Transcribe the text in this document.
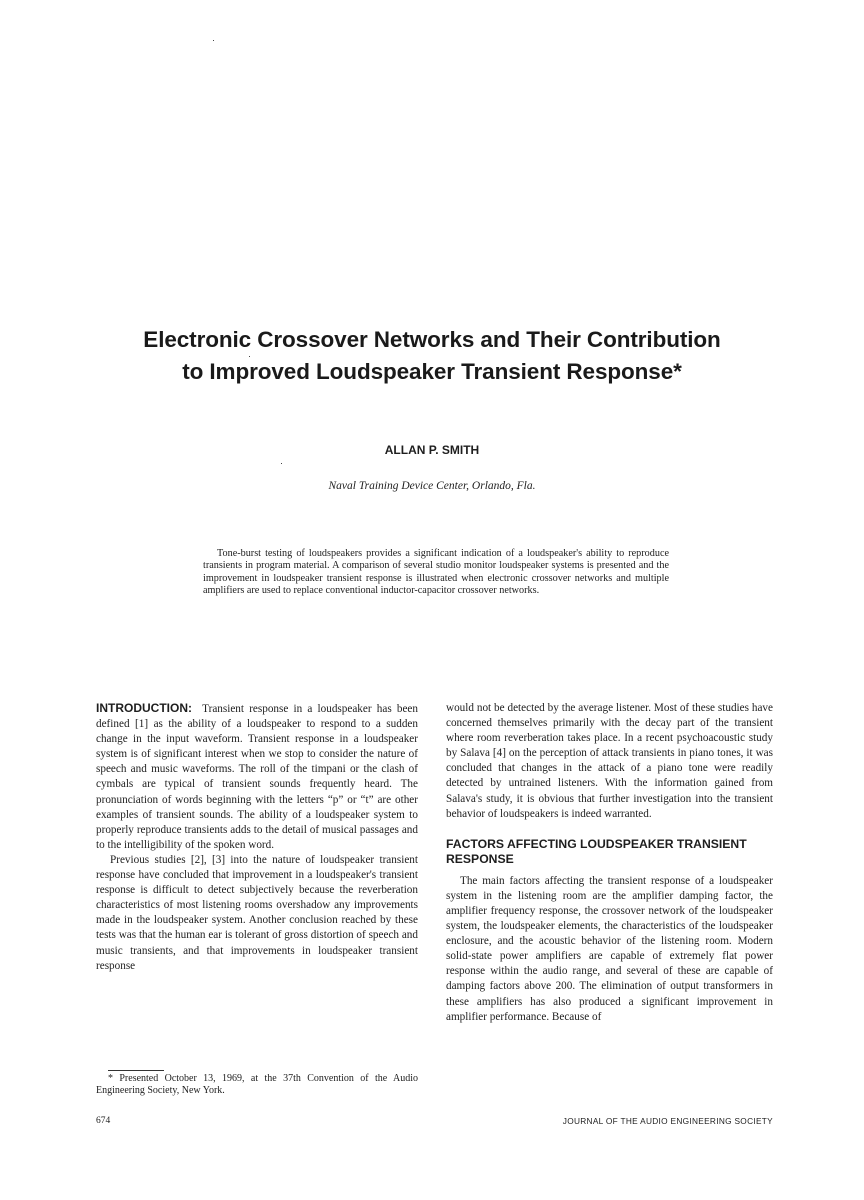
Electronic Crossover Networks and Their Contribution
to Improved Loudspeaker Transient Response*
ALLAN P. SMITH
Naval Training Device Center, Orlando, Fla.
Tone-burst testing of loudspeakers provides a significant indication of a loudspeaker's ability to reproduce transients in program material. A comparison of several studio monitor loudspeaker systems is presented and the improvement in loudspeaker transient response is illustrated when electronic crossover networks and multiple amplifiers are used to replace conventional inductor-capacitor crossover networks.

INTRODUCTION: Transient response in a loudspeaker has been defined [1] as the ability of a loudspeaker to respond to a sudden change in the input waveform. Transient response in a loudspeaker system is of significant interest when we stop to consider the nature of speech and music waveforms. The roll of the timpani or the clash of cymbals are typical of transient sounds frequently heard. The pronunciation of words beginning with the letters “p” or “t” are other examples of transient sounds. The ability of a loudspeaker system to properly reproduce transients adds to the detail of musical passages and to the intelligibility of the spoken word.

Previous studies [2], [3] into the nature of loudspeaker transient response have concluded that improvement in a loudspeaker's transient response is difficult to detect subjectively because the reverberation characteristics of most listening rooms overshadow any improvements made in the loudspeaker system. Another conclusion reached by these tests was that the human ear is tolerant of gross distortion of speech and music transients, and that improvements in loudspeaker transient response

would not be detected by the average listener. Most of these studies have concerned themselves primarily with the decay part of the transient where room reverberation takes place. In a recent psychoacoustic study by Salava [4] on the perception of attack transients in piano tones, it was concluded that changes in the attack of a piano tone were readily detected by untrained listeners. With the information gained from Salava's study, it is obvious that further investigation into the transient behavior of loudspeakers is indeed warranted.

FACTORS AFFECTING LOUDSPEAKER TRANSIENT RESPONSE

The main factors affecting the transient response of a loudspeaker system in the listening room are the amplifier damping factor, the amplifier frequency response, the crossover network of the loudspeaker system, the loudspeaker elements, the characteristics of the loudspeaker enclosure, and the acoustic behavior of the listening room. Modern solid-state power amplifiers are capable of extremely flat power response within the audio range, and several of these are capable of damping factors above 200. The elimination of output transformers in these amplifiers has also produced a significant improvement in amplifier performance. Because of

* Presented October 13, 1969, at the 37th Convention of the Audio Engineering Society, New York.
674	JOURNAL OF THE AUDIO ENGINEERING SOCIETY
